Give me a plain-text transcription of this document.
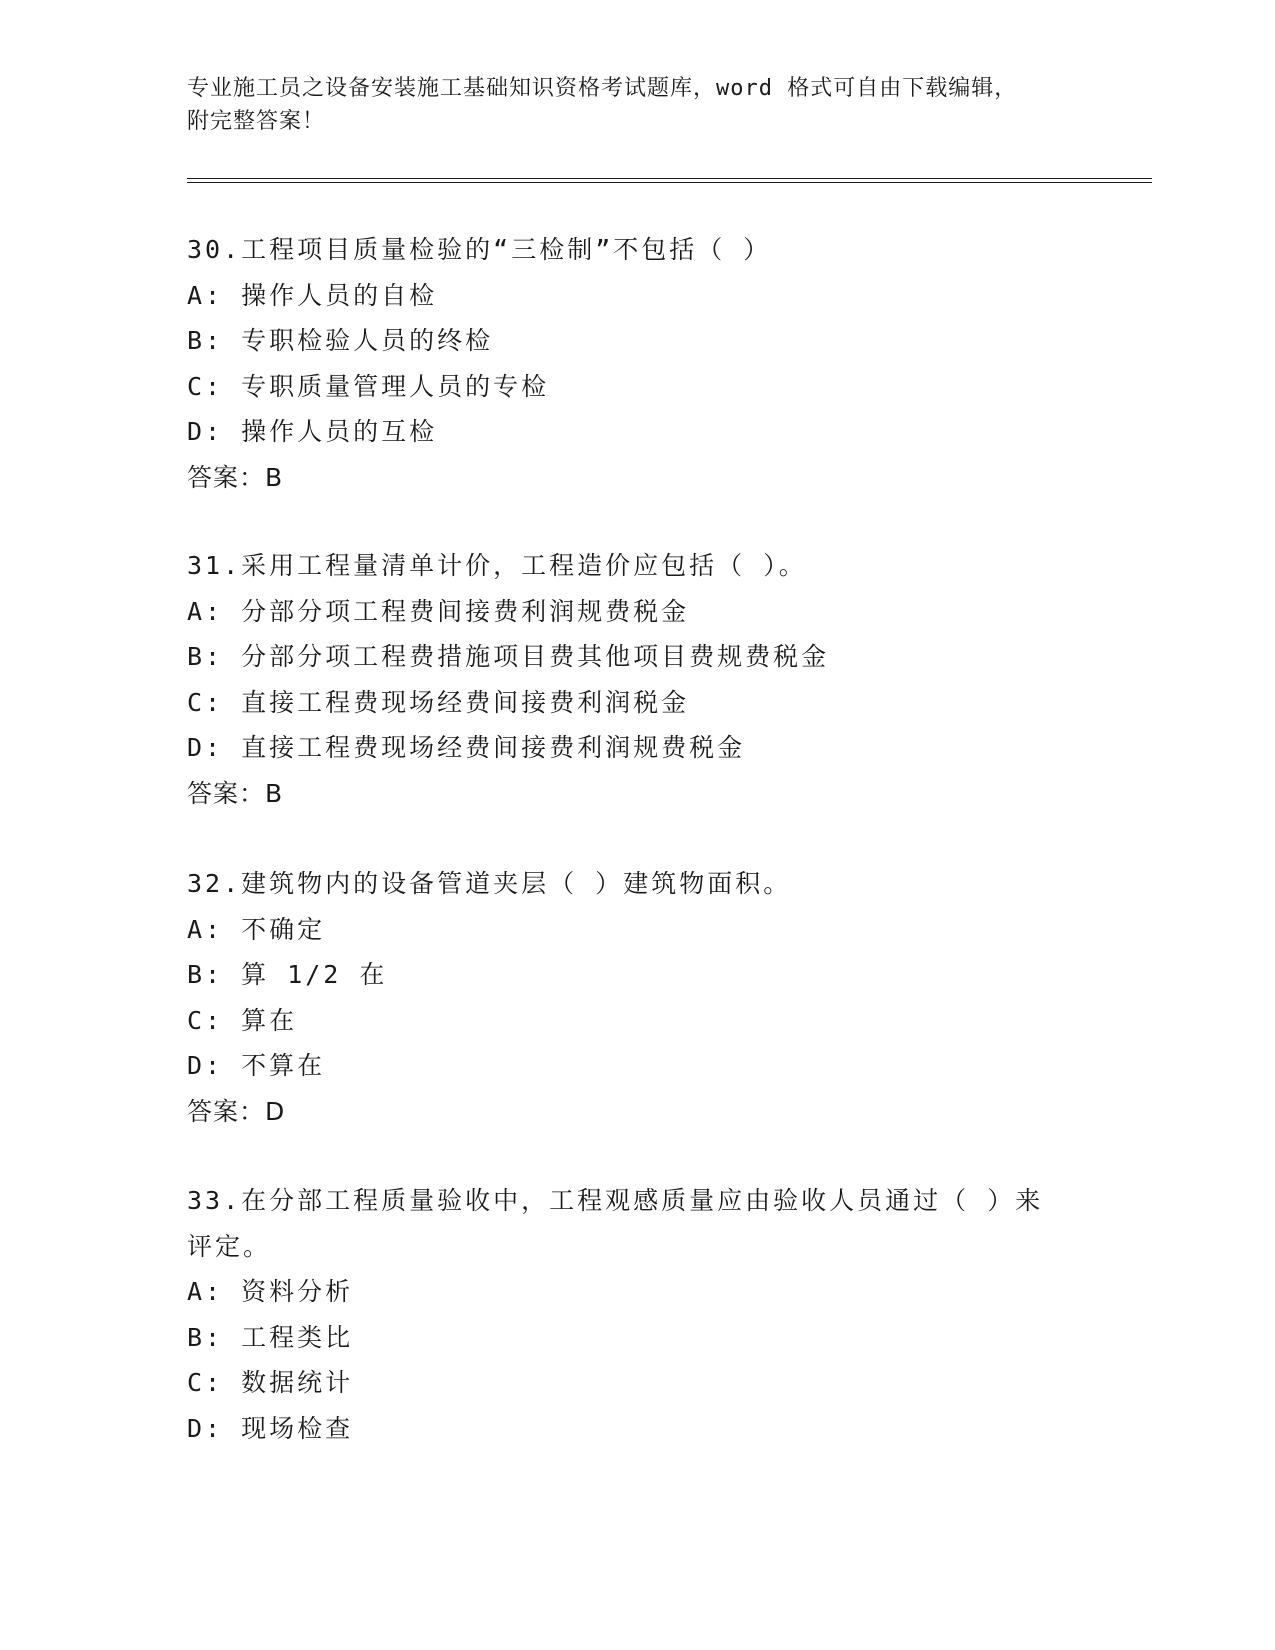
专业施工员之设备安装施工基础知识资格考试题库，word 格式可自由下载编辑，
附完整答案！
30.工程项目质量检验的“三检制”不包括（ ）
A: 操作人员的自检
B: 专职检验人员的终检
C: 专职质量管理人员的专检
D: 操作人员的互检
答案：B
31.采用工程量清单计价，工程造价应包括（ ）。
A: 分部分项工程费间接费利润规费税金
B: 分部分项工程费措施项目费其他项目费规费税金
C: 直接工程费现场经费间接费利润税金
D: 直接工程费现场经费间接费利润规费税金
答案：B
32.建筑物内的设备管道夹层（ ）建筑物面积。
A: 不确定
B: 算 1/2 在
C: 算在
D: 不算在
答案：D
33.在分部工程质量验收中，工程观感质量应由验收人员通过（ ）来评定。
A: 资料分析
B: 工程类比
C: 数据统计
D: 现场检查
